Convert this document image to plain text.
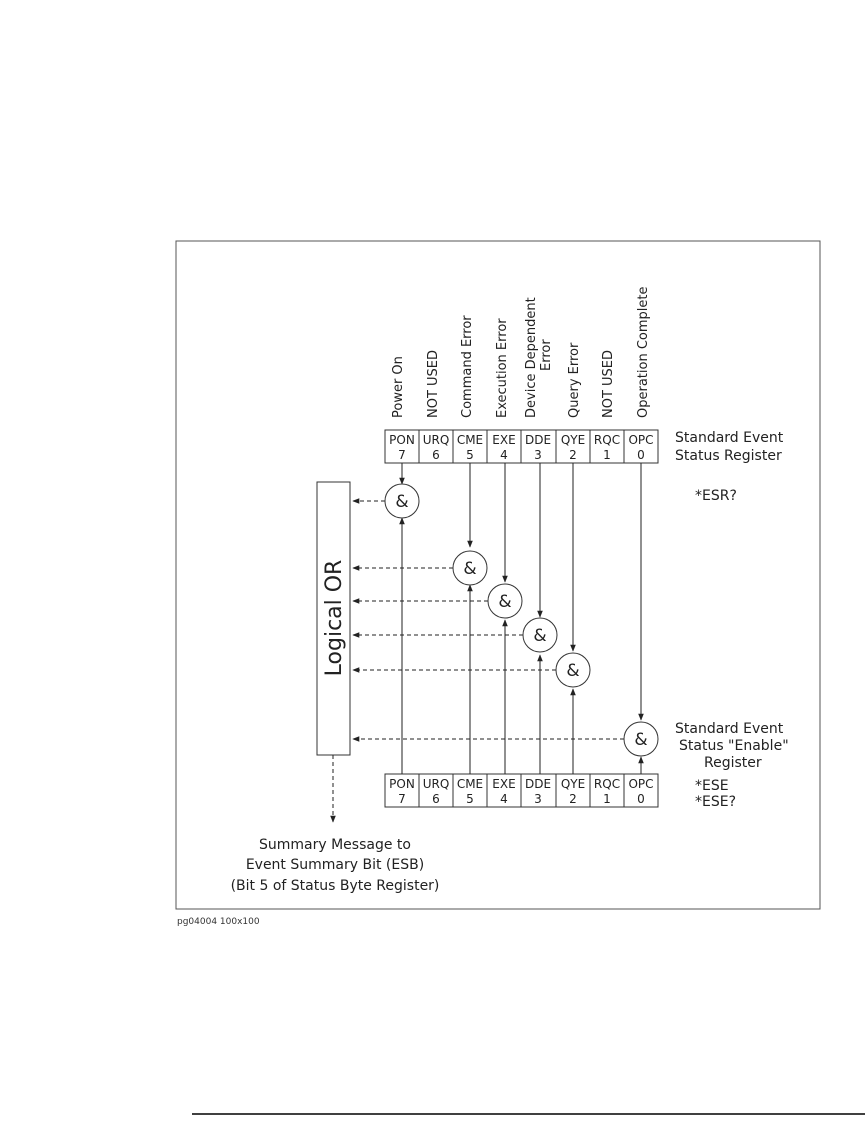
Power On NOT USED Command Error Execution Error Device Dependent Error Query Error NOT USED Operation Complete
PON URQ CME EXE DDE QYE RQC OPC
7 6 5 4 3 2 1 0
Standard Event
Status Register
*ESR?
PON URQ CME EXE DDE QYE RQC OPC
7 6 5 4 3 2 1 0
Standard Event
Status "Enable"
Register
*ESE
*ESE?
Logical OR
&
&
&
&
&
&
Summary Message to
Event Summary Bit (ESB)
(Bit 5 of Status Byte Register)
pg04004 100x100
